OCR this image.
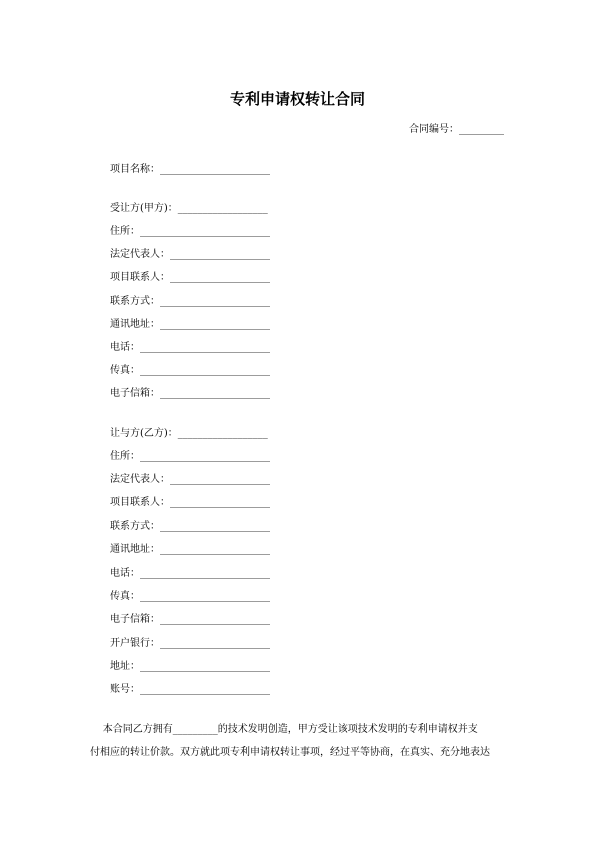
专利申请权转让合同
合同编号：_________
项目名称：______________________
受让方(甲方)：__________________
住所：__________________________
法定代表人：____________________
项目联系人：____________________
联系方式：______________________
通讯地址：______________________
电话：__________________________
传真：__________________________
电子信箱：______________________
让与方(乙方)：__________________
住所：__________________________
法定代表人：____________________
项目联系人：____________________
联系方式：______________________
通讯地址：______________________
电话：__________________________
传真：__________________________
电子信箱：______________________
开户银行：______________________
地址：__________________________
账号：__________________________
本合同乙方拥有_________的技术发明创造，甲方受让该项技术发明的专利申请权并支
付相应的转让价款。双方就此项专利申请权转让事项，经过平等协商，在真实、充分地表达
